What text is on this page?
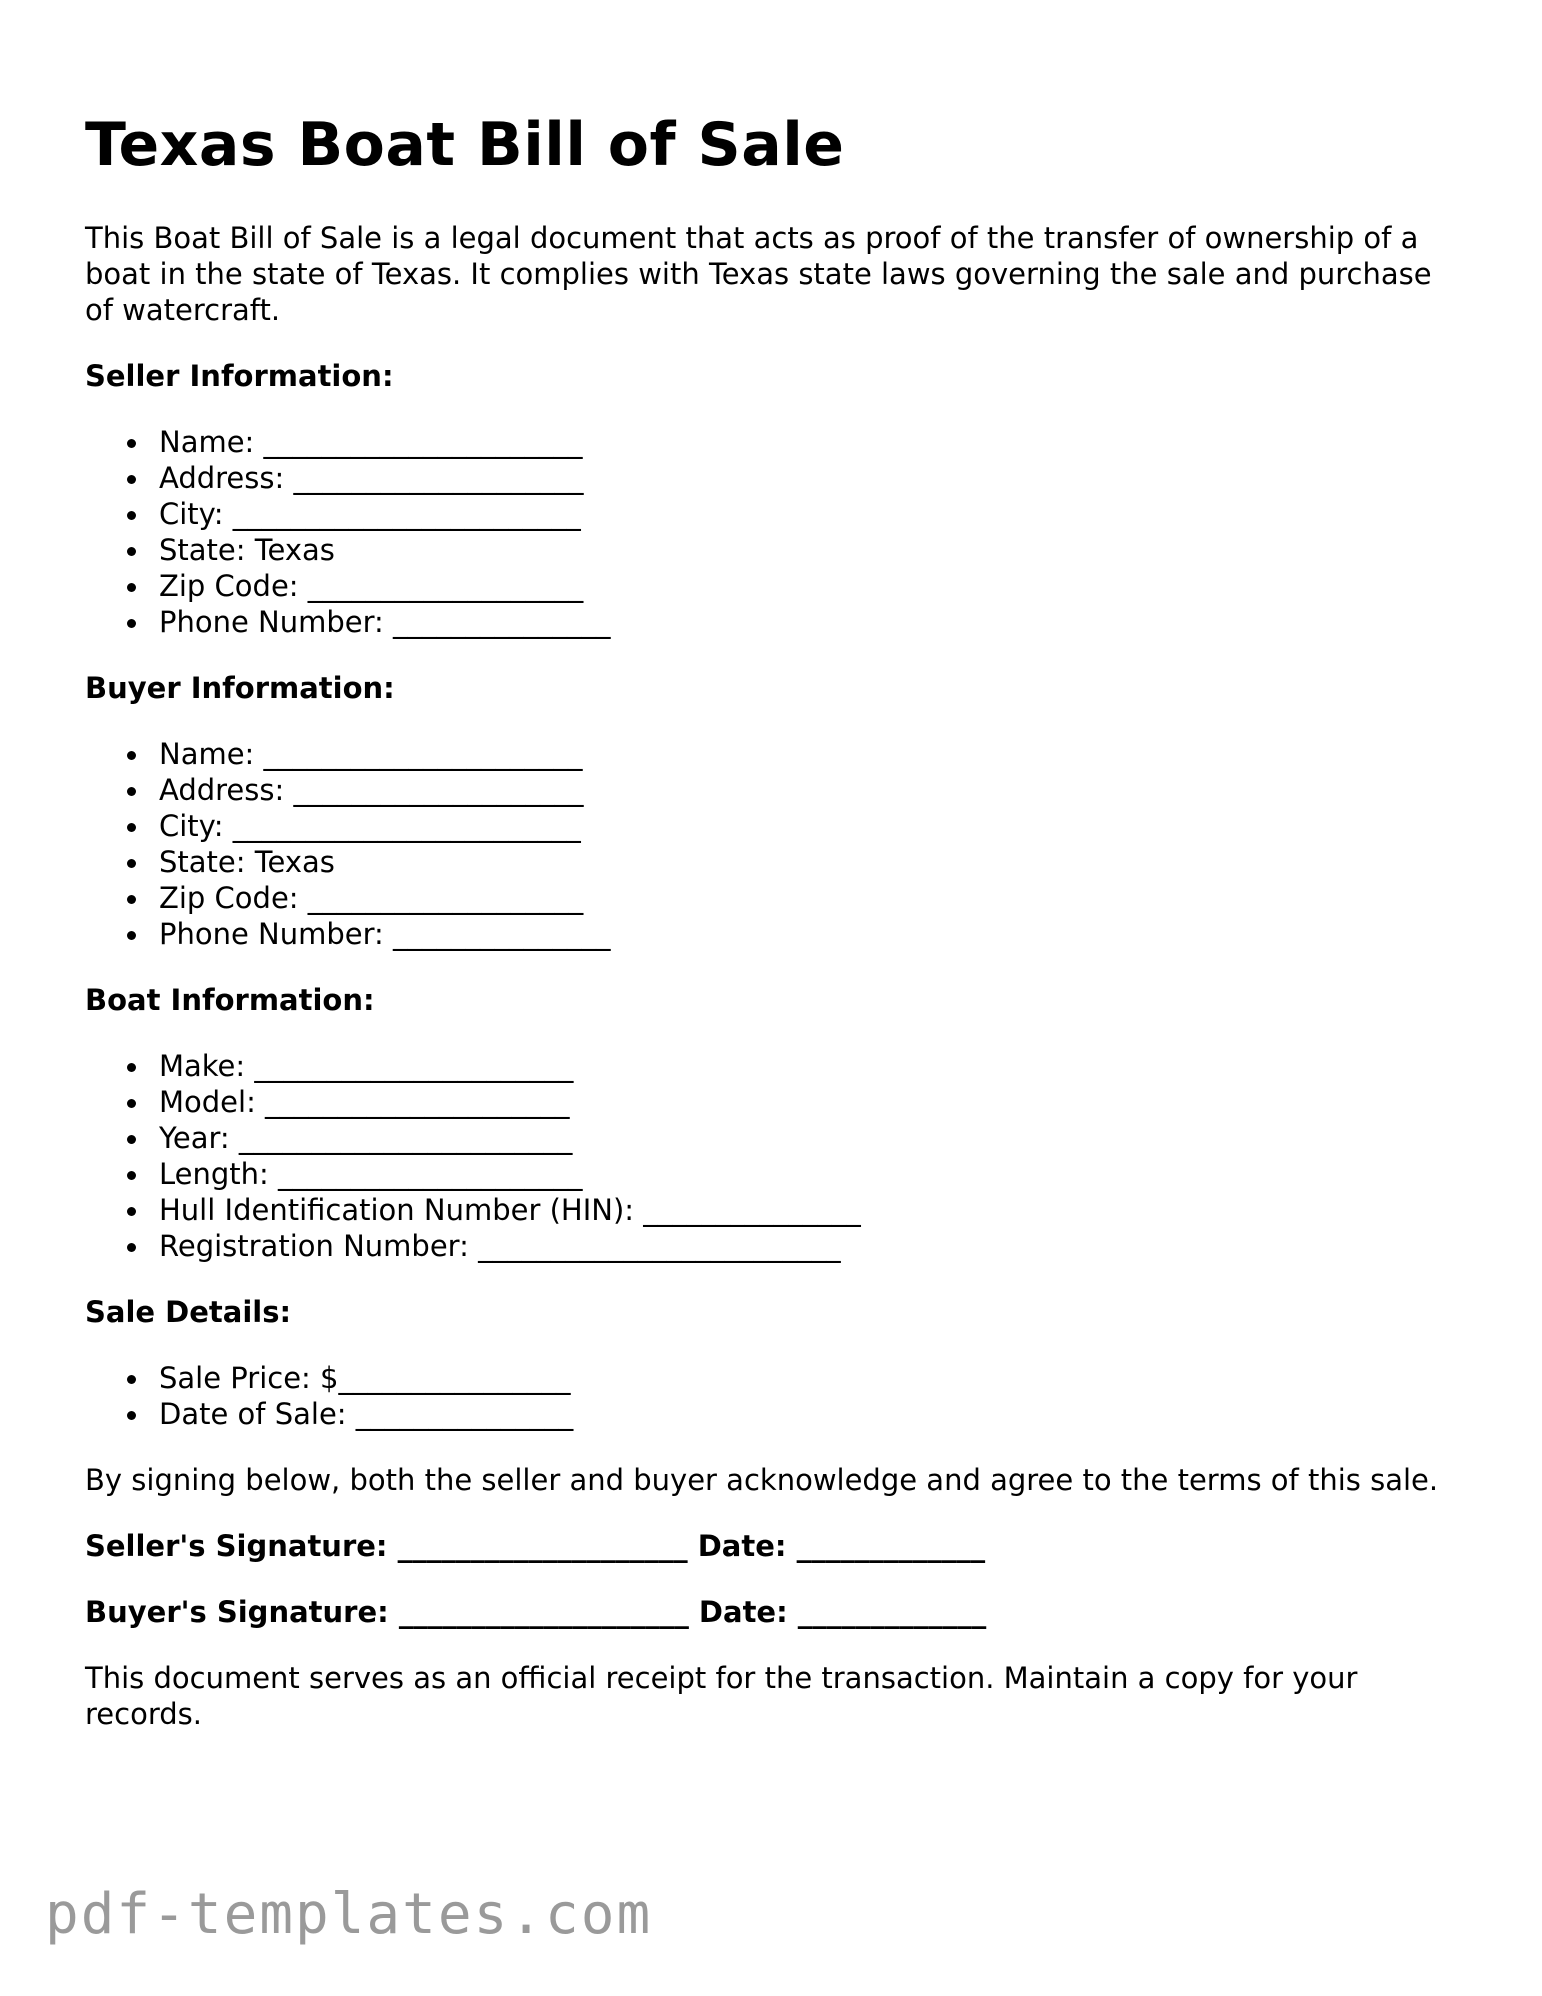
Texas Boat Bill of Sale

This Boat Bill of Sale is a legal document that acts as proof of the transfer of ownership of a boat in the state of Texas. It complies with Texas state laws governing the sale and purchase of watercraft.

Seller Information:
Name: ______________________
Address: ____________________
City: ________________________
State: Texas
Zip Code: ___________________
Phone Number: _______________
Buyer Information:
Name: ______________________
Address: ____________________
City: ________________________
State: Texas
Zip Code: ___________________
Phone Number: _______________
Boat Information:
Make: ______________________
Model: _____________________
Year: _______________________
Length: _____________________
Hull Identification Number (HIN): _______________
Registration Number: _________________________
Sale Details:
Sale Price: $________________
Date of Sale: _______________

By signing below, both the seller and buyer acknowledge and agree to the terms of this sale.

Seller's Signature: ____________________ Date: _____________
Buyer's Signature: ____________________ Date: _____________

This document serves as an official receipt for the transaction. Maintain a copy for your records.

pdf-templates.com
